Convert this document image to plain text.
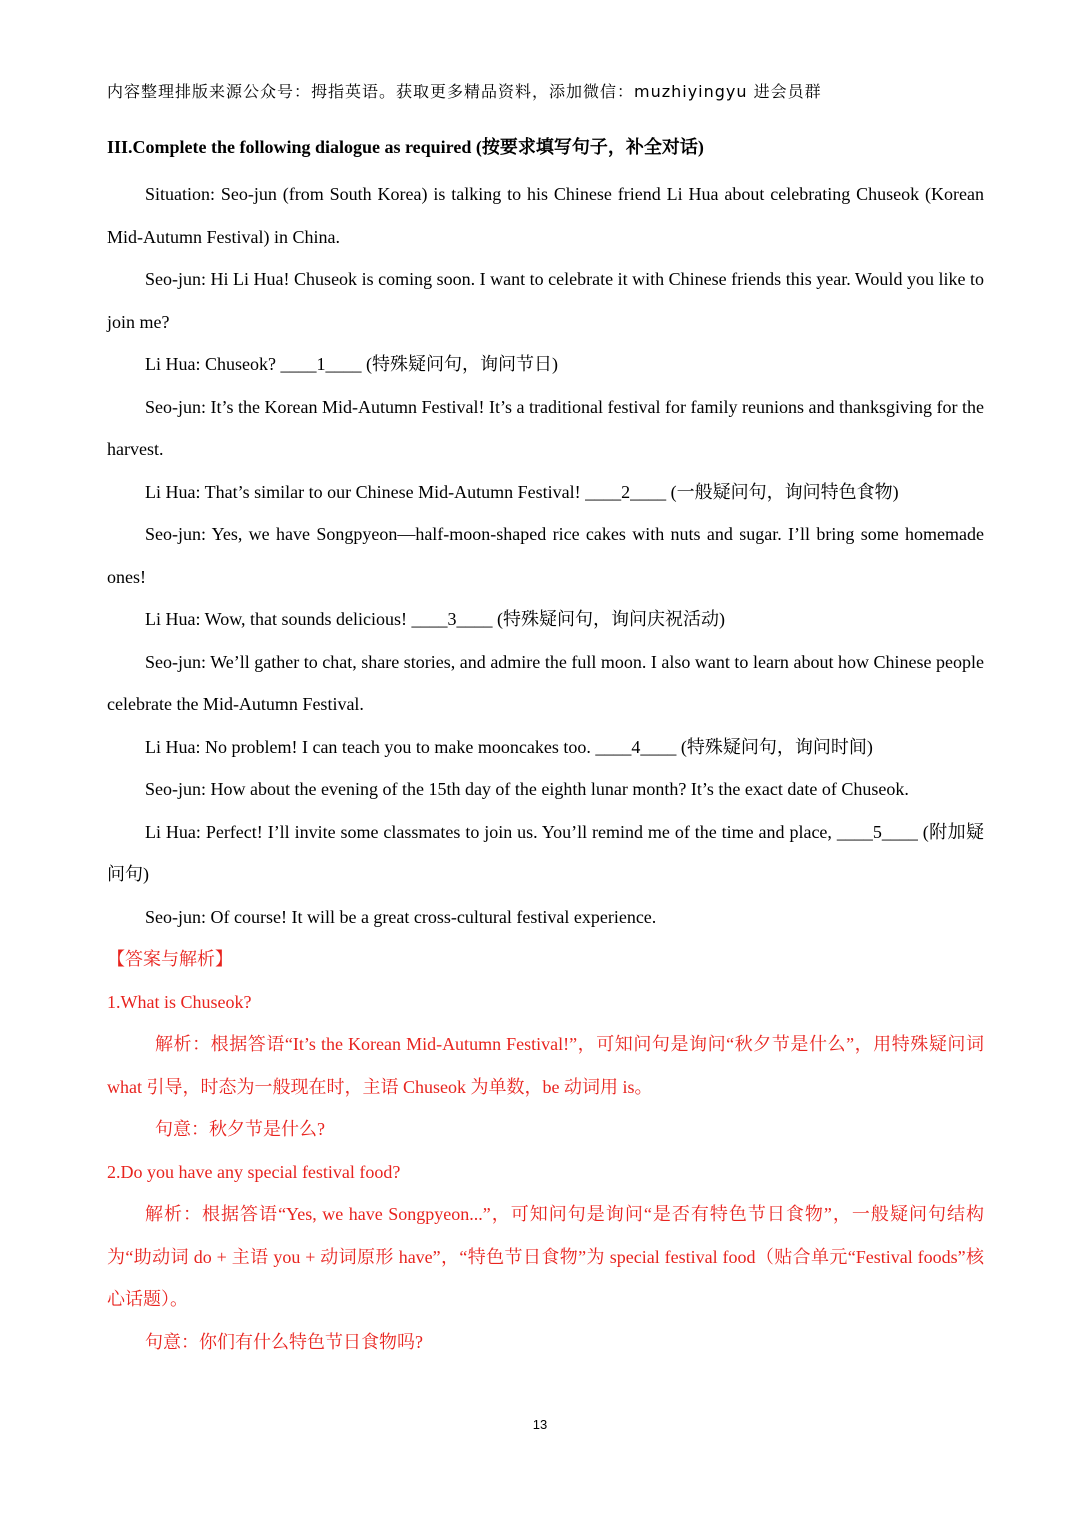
内容整理排版来源公众号：拇指英语。获取更多精品资料，添加微信：muzhiyingyu 进会员群

III.Complete the following dialogue as required (按要求填写句子，补全对话)

Situation: Seo-jun (from South Korea) is talking to his Chinese friend Li Hua about celebrating Chuseok (Korean Mid-Autumn Festival) in China.

Seo-jun: Hi Li Hua! Chuseok is coming soon. I want to celebrate it with Chinese friends this year. Would you like to join me?

Li Hua: Chuseok? ____1____ (特殊疑问句，询问节日)

Seo-jun: It’s the Korean Mid-Autumn Festival! It’s a traditional festival for family reunions and thanksgiving for the harvest.

Li Hua: That’s similar to our Chinese Mid-Autumn Festival! ____2____ (一般疑问句，询问特色食物)

Seo-jun: Yes, we have Songpyeon—half-moon-shaped rice cakes with nuts and sugar. I’ll bring some homemade ones!

Li Hua: Wow, that sounds delicious! ____3____ (特殊疑问句，询问庆祝活动)

Seo-jun: We’ll gather to chat, share stories, and admire the full moon. I also want to learn about how Chinese people celebrate the Mid-Autumn Festival.

Li Hua: No problem! I can teach you to make mooncakes too. ____4____ (特殊疑问句，询问时间)

Seo-jun: How about the evening of the 15th day of the eighth lunar month? It’s the exact date of Chuseok.

Li Hua: Perfect! I’ll invite some classmates to join us. You’ll remind me of the time and place, ____5____ (附加疑问句)

Seo-jun: Of course! It will be a great cross-cultural festival experience.

【答案与解析】

1.What is Chuseok?

解析：根据答语“It’s the Korean Mid-Autumn Festival!”，可知问句是询问“秋夕节是什么”，用特殊疑问词 what 引导，时态为一般现在时，主语 Chuseok 为单数，be 动词用 is。

句意：秋夕节是什么?

2.Do you have any special festival food?

解析：根据答语“Yes, we have Songpyeon...”，可知问句是询问“是否有特色节日食物”，一般疑问句结构为“助动词 do + 主语 you + 动词原形 have”，“特色节日食物”为 special festival food（贴合单元“Festival foods”核心话题）。

句意：你们有什么特色节日食物吗?

13
